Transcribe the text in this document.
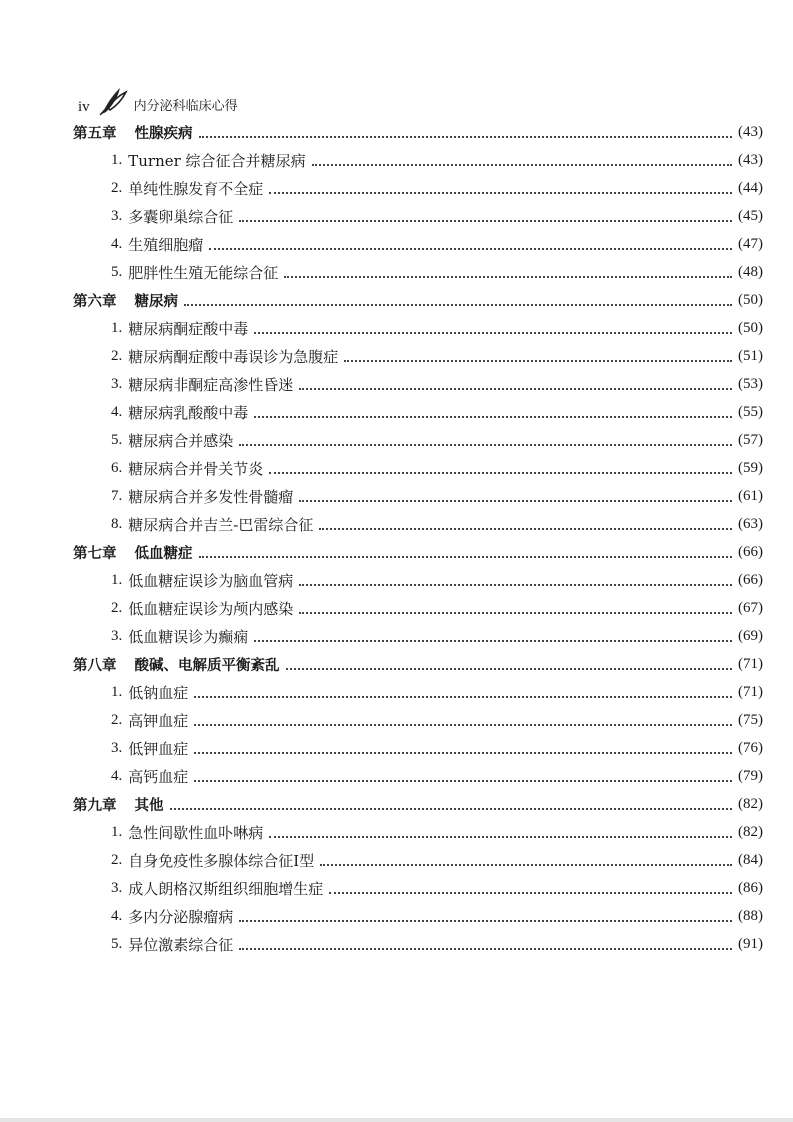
iv	内分泌科临床心得
第五章 性腺疾病	(43)
1. Turner 综合征合并糖尿病	(43)
2. 单纯性腺发育不全症	(44)
3. 多囊卵巢综合征	(45)
4. 生殖细胞瘤	(47)
5. 肥胖性生殖无能综合征	(48)
第六章 糖尿病	(50)
1. 糖尿病酮症酸中毒	(50)
2. 糖尿病酮症酸中毒误诊为急腹症	(51)
3. 糖尿病非酮症高渗性昏迷	(53)
4. 糖尿病乳酸酸中毒	(55)
5. 糖尿病合并感染	(57)
6. 糖尿病合并骨关节炎	(59)
7. 糖尿病合并多发性骨髓瘤	(61)
8. 糖尿病合并吉兰-巴雷综合征	(63)
第七章 低血糖症	(66)
1. 低血糖症误诊为脑血管病	(66)
2. 低血糖症误诊为颅内感染	(67)
3. 低血糖误诊为癫痫	(69)
第八章 酸碱、电解质平衡紊乱	(71)
1. 低钠血症	(71)
2. 高钾血症	(75)
3. 低钾血症	(76)
4. 高钙血症	(79)
第九章 其他	(82)
1. 急性间歇性血卟啉病	(82)
2. 自身免疫性多腺体综合征Ⅰ型	(84)
3. 成人朗格汉斯组织细胞增生症	(86)
4. 多内分泌腺瘤病	(88)
5. 异位激素综合征	(91)
